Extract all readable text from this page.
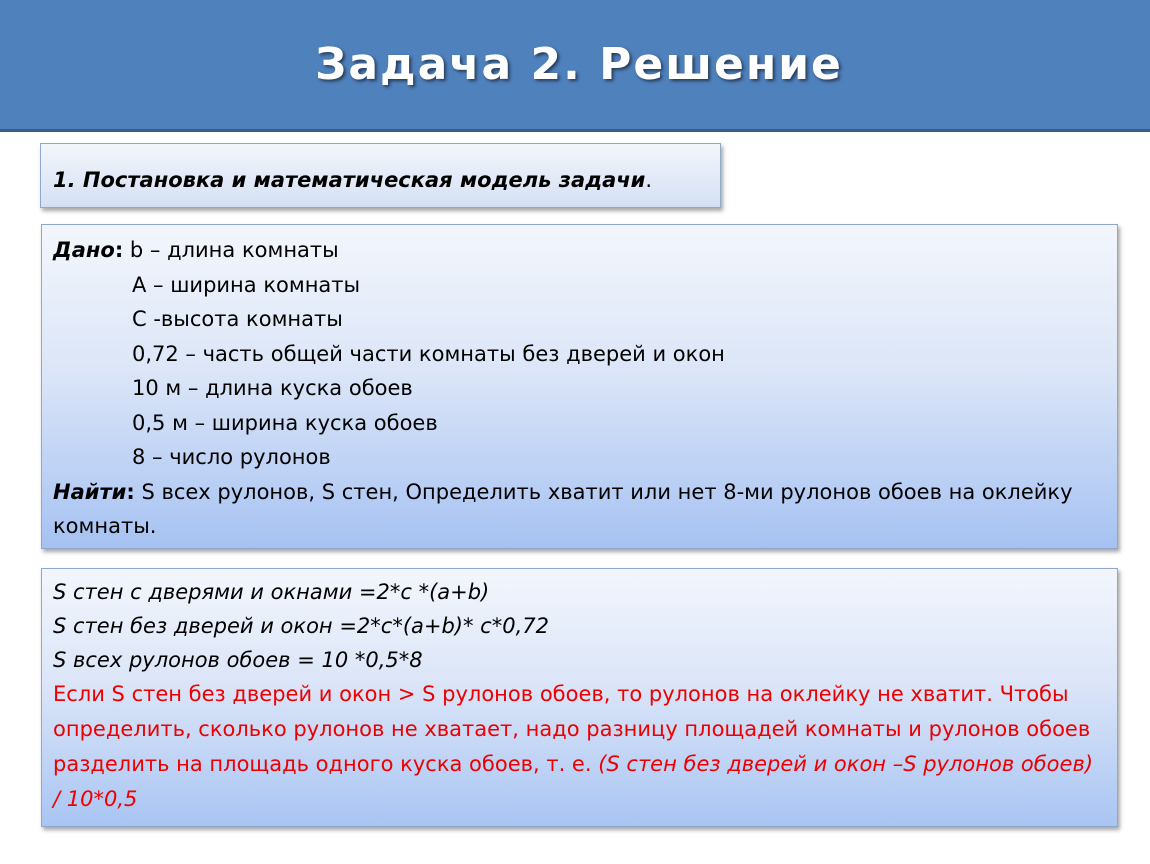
Задача 2. Решение
1. Постановка и математическая модель задачи.
Дано: b – длина комнаты
А – ширина комнаты
С -высота комнаты
0,72 – часть общей части комнаты без дверей и окон
10 м – длина куска обоев
0,5 м – ширина куска обоев
8 – число рулонов
Найти: S всех рулонов, S стен, Определить хватит или нет 8-ми рулонов обоев на оклейку комнаты.
S стен с дверями и окнами =2*c *(a+b)
S стен без дверей и окон =2*c*(a+b)* c*0,72
S всех рулонов обоев = 10 *0,5*8
Если S стен без дверей и окон > S рулонов обоев, то рулонов на оклейку не хватит. Чтобы определить, сколько рулонов не хватает, надо разницу площадей комнаты и рулонов обоев разделить на площадь одного куска обоев, т. е. (S стен без дверей и окон –S рулонов обоев) / 10*0,5
